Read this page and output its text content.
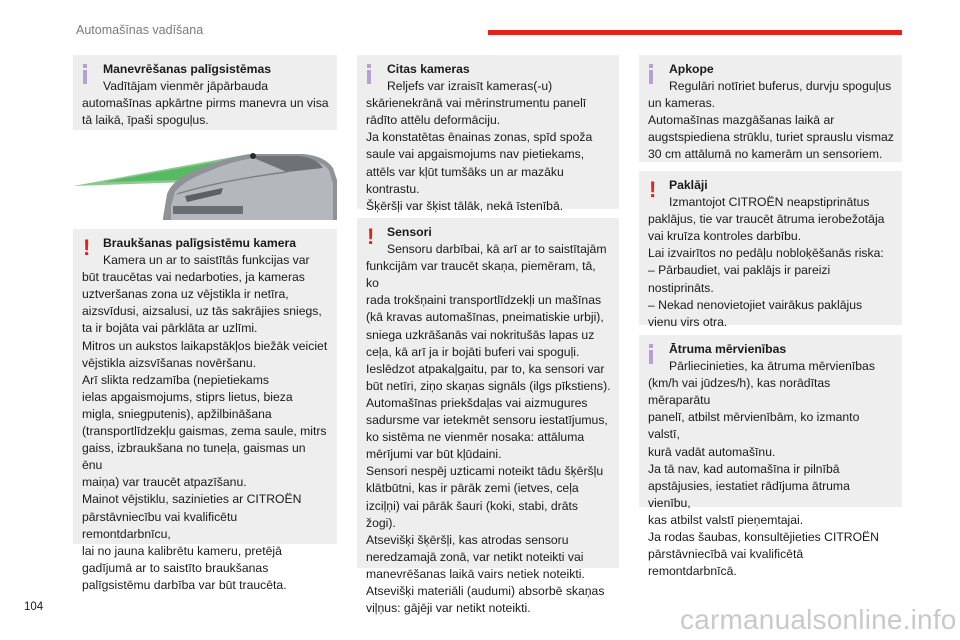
Automašīnas vadīšana
Manevrēšanas palīgsistēmas
Vadītājam vienmēr jāpārbauda
automašīnas apkārtne pirms manevra un visa
tā laikā, īpaši spoguļus.
! Braukšanas palīgsistēmu kamera
Kamera un ar to saistītās funkcijas var
būt traucētas vai nedarboties, ja kameras
uztveršanas zona uz vējstikla ir netīra,
aizsvīdusi, aizsalusi, uz tās sakrājies sniegs,
ta ir bojāta vai pārklāta ar uzlīmi.
Mitros un aukstos laikapstākļos biežāk veiciet
vējstikla aizsvīšanas novēršanu.
Arī slikta redzamība (nepietiekams
ielas apgaismojums, stiprs lietus, bieza
migla, sniegputenis), apžilbināšana
(transportlīdzekļu gaismas, zema saule, mitrs
gaiss, izbraukšana no tuneļa, gaismas un ēnu
maiņa) var traucēt atpazīšanu.
Mainot vējstiklu, sazinieties ar CITROËN
pārstāvniecību vai kvalificētu remontdarbnīcu,
lai no jauna kalibrētu kameru, pretējā
gadījumā ar to saistīto braukšanas
palīgsistēmu darbība var būt traucēta.
Citas kameras
Reljefs var izraisīt kameras(-u)
skārienekrānā vai mērinstrumentu panelī
rādīto attēlu deformāciju.
Ja konstatētas ēnainas zonas, spīd spoža
saule vai apgaismojums nav pietiekams,
attēls var kļūt tumšāks un ar mazāku
kontrastu.
Šķēršļi var šķist tālāk, nekā īstenībā.
! Sensori
Sensoru darbībai, kā arī ar to saistītajām
funkcijām var traucēt skaņa, piemēram, tā, ko
rada trokšņaini transportlīdzekļi un mašīnas
(kā kravas automašīnas, pneimatiskie urbji),
sniega uzkrāšanās vai nokritušās lapas uz
ceļa, kā arī ja ir bojāti buferi vai spoguļi.
Ieslēdzot atpakaļgaitu, par to, ka sensori var
būt netīri, ziņo skaņas signāls (ilgs pīkstiens).
Automašīnas priekšdaļas vai aizmugures
sadursme var ietekmēt sensoru iestatījumus,
ko sistēma ne vienmēr nosaka: attāluma
mērījumi var būt kļūdaini.
Sensori nespēj uzticami noteikt tādu šķēršļu
klātbūtni, kas ir pārāk zemi (ietves, ceļa
izciļņi) vai pārāk šauri (koki, stabi, drāts žogi).
Atsevišķi šķēršļi, kas atrodas sensoru
neredzamajā zonā, var netikt noteikti vai
manevrēšanas laikā vairs netiek noteikti.
Atsevišķi materiāli (audumi) absorbē skaņas
viļņus: gājēji var netikt noteikti.
Apkope
Regulāri notīriet buferus, durvju spoguļus
un kameras.
Automašīnas mazgāšanas laikā ar
augstspiediena strūklu, turiet sprauslu vismaz
30 cm attālumā no kamerām un sensoriem.
! Paklāji
Izmantojot CITROËN neapstiprinātus
paklājus, tie var traucēt ātruma ierobežotāja
vai kruīza kontroles darbību.
Lai izvairītos no pedāļu nobloķēšanās riska:
– Pārbaudiet, vai paklājs ir pareizi
nostiprināts.
– Nekad nenovietojiet vairākus paklājus
vienu virs otra.
Ātruma mērvienības
Pārliecinieties, ka ātruma mērvienības
(km/h vai jūdzes/h), kas norādītas mēraparātu
panelī, atbilst mērvienībām, ko izmanto valstī,
kurā vadāt automašīnu.
Ja tā nav, kad automašīna ir pilnībā
apstājusies, iestatiet rādījuma ātruma vienību,
kas atbilst valstī pieņemtajai.
Ja rodas šaubas, konsultējieties CITROËN
pārstāvniecībā vai kvalificētā remontdarbnīcā.
104	carmanualsonline.info
